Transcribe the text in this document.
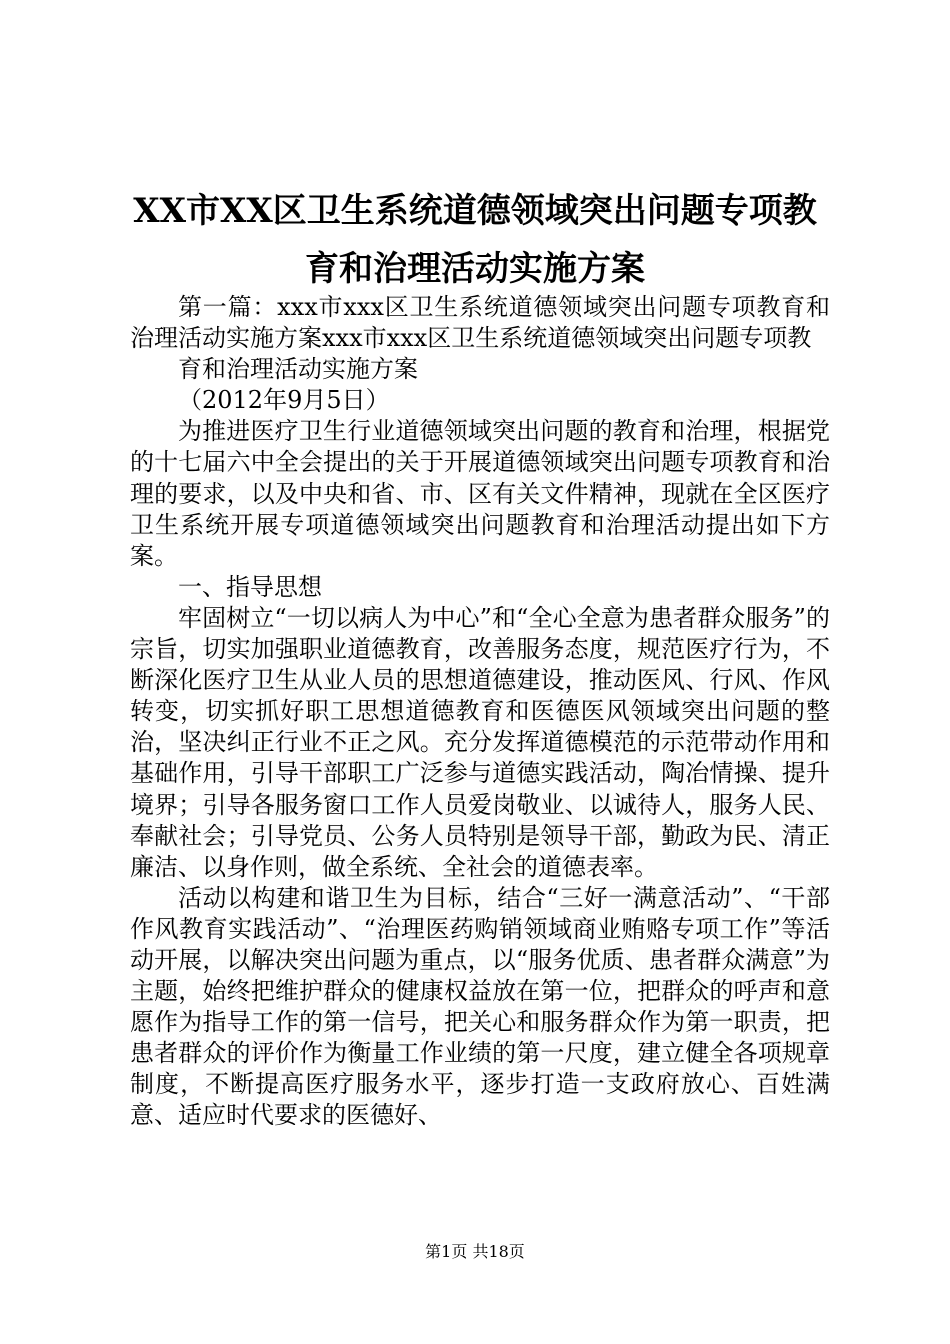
XX市XX区卫生系统道德领域突出问题专项教
育和治理活动实施方案

第一篇：xxx市xxx区卫生系统道德领域突出问题专项教育和治理活动实施方案xxx市xxx区卫生系统道德领域突出问题专项教

育和治理活动实施方案

（2012年9月5日）

为推进医疗卫生行业道德领域突出问题的教育和治理，根据党的十七届六中全会提出的关于开展道德领域突出问题专项教育和治理的要求，以及中央和省、市、区有关文件精神，现就在全区医疗卫生系统开展专项道德领域突出问题教育和治理活动提出如下方案。

一、指导思想

牢固树立“一切以病人为中心”和“全心全意为患者群众服务”的宗旨，切实加强职业道德教育，改善服务态度，规范医疗行为，不断深化医疗卫生从业人员的思想道德建设，推动医风、行风、作风转变，切实抓好职工思想道德教育和医德医风领域突出问题的整治，坚决纠正行业不正之风。充分发挥道德模范的示范带动作用和基础作用，引导干部职工广泛参与道德实践活动，陶冶情操、提升境界；引导各服务窗口工作人员爱岗敬业、以诚待人，服务人民、奉献社会；引导党员、公务人员特别是领导干部，勤政为民、清正廉洁、以身作则，做全系统、全社会的道德表率。

活动以构建和谐卫生为目标，结合“三好一满意活动”、“干部作风教育实践活动”、“治理医药购销领域商业贿赂专项工作”等活动开展，以解决突出问题为重点，以“服务优质、患者群众满意”为主题，始终把维护群众的健康权益放在第一位，把群众的呼声和意愿作为指导工作的第一信号，把关心和服务群众作为第一职责，把患者群众的评价作为衡量工作业绩的第一尺度，建立健全各项规章制度，不断提高医疗服务水平，逐步打造一支政府放心、百姓满意、适应时代要求的医德好、

第1页 共18页
